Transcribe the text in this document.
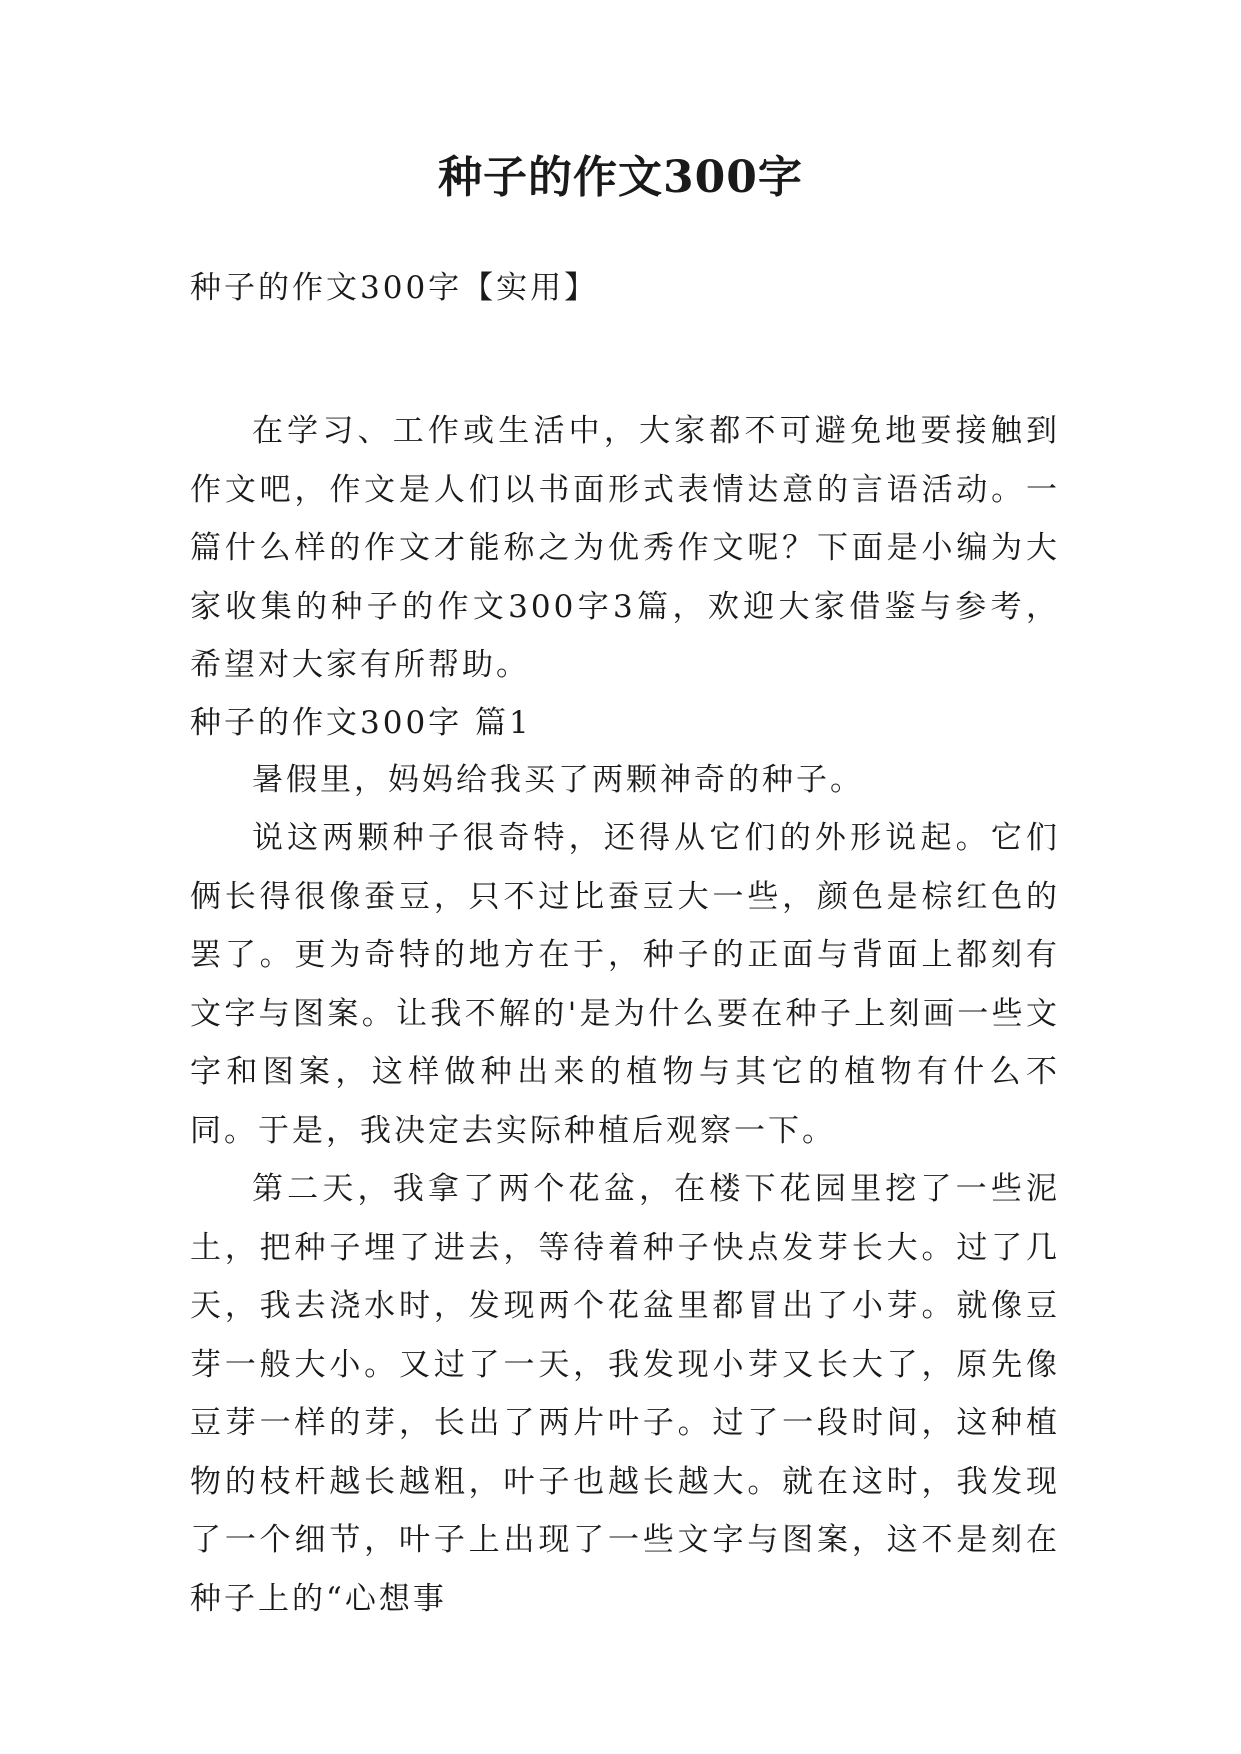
种子的作文300字

种子的作文300字【实用】

在学习、工作或生活中，大家都不可避免地要接触到作文吧，作文是人们以书面形式表情达意的言语活动。一篇什么样的作文才能称之为优秀作文呢？下面是小编为大家收集的种子的作文300字3篇，欢迎大家借鉴与参考，希望对大家有所帮助。

种子的作文300字 篇1

暑假里，妈妈给我买了两颗神奇的种子。

说这两颗种子很奇特，还得从它们的外形说起。它们俩长得很像蚕豆，只不过比蚕豆大一些，颜色是棕红色的罢了。更为奇特的地方在于，种子的正面与背面上都刻有文字与图案。让我不解的'是为什么要在种子上刻画一些文字和图案，这样做种出来的植物与其它的植物有什么不同。于是，我决定去实际种植后观察一下。

第二天，我拿了两个花盆，在楼下花园里挖了一些泥土，把种子埋了进去，等待着种子快点发芽长大。过了几天，我去浇水时，发现两个花盆里都冒出了小芽。就像豆芽一般大小。又过了一天，我发现小芽又长大了，原先像豆芽一样的芽，长出了两片叶子。过了一段时间，这种植物的枝杆越长越粗，叶子也越长越大。就在这时，我发现了一个细节，叶子上出现了一些文字与图案，这不是刻在种子上的“心想事
